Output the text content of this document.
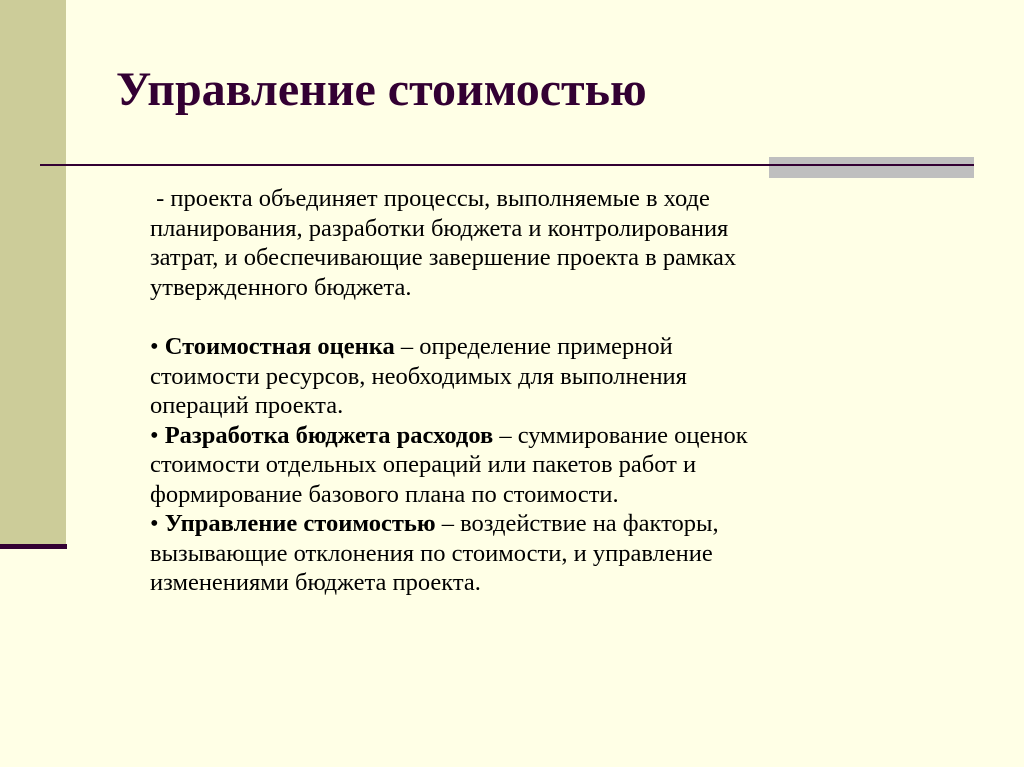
Управление стоимостью

- проекта объединяет процессы, выполняемые в ходе
планирования, разработки бюджета и контролирования
затрат, и обеспечивающие завершение проекта в рамках
утвержденного бюджета.

• Стоимостная оценка – определение примерной
стоимости ресурсов, необходимых для выполнения
операций проекта.

• Разработка бюджета расходов – суммирование оценок
стоимости отдельных операций или пакетов работ и
формирование базового плана по стоимости.

• Управление стоимостью – воздействие на факторы,
вызывающие отклонения по стоимости, и управление
изменениями бюджета проекта.
